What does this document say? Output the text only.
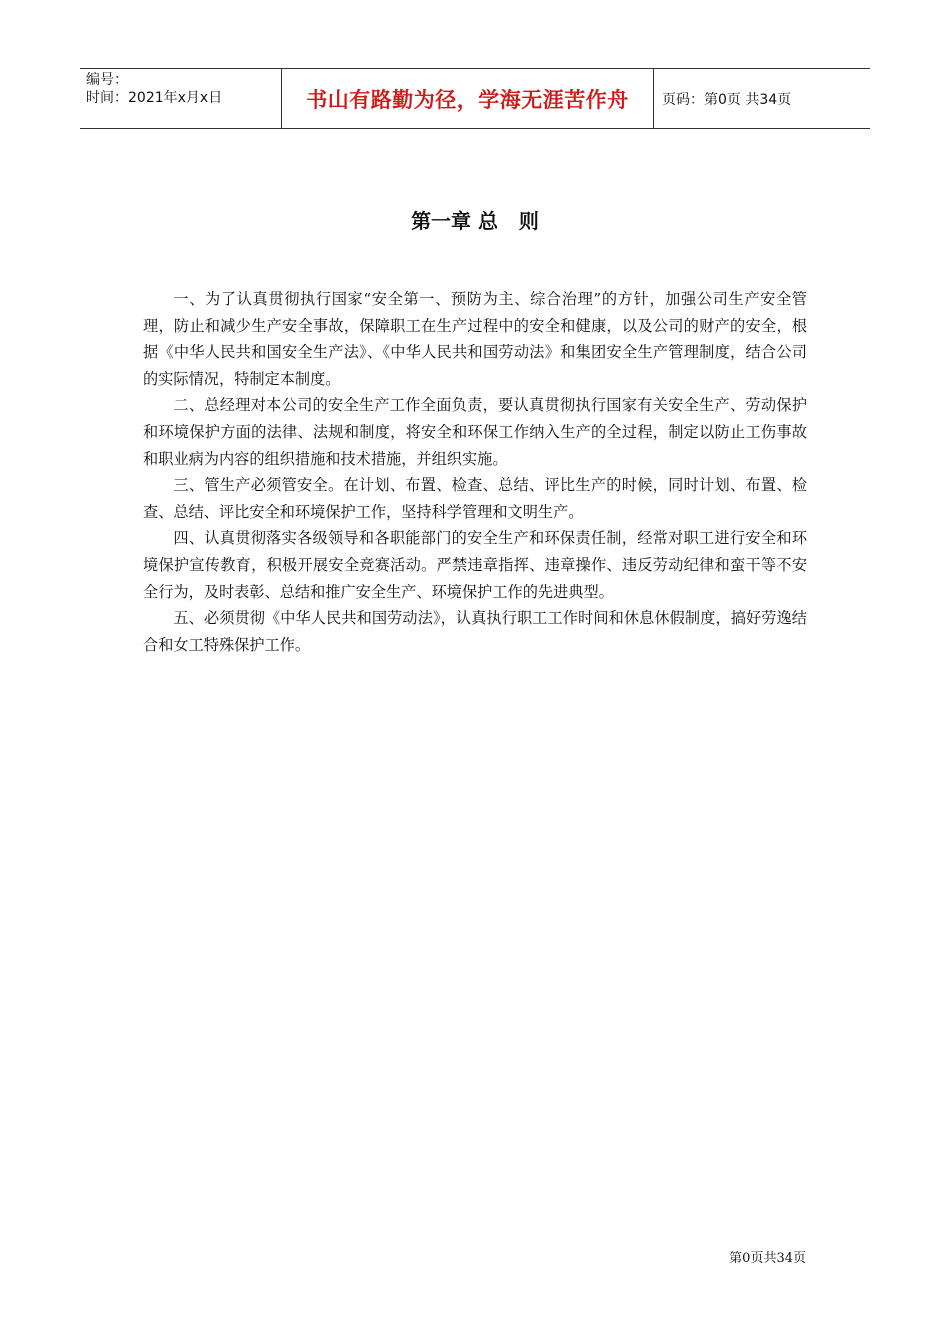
编号：
时间：2021年x月x日	书山有路勤为径，学海无涯苦作舟 页码：第0页 共34页
第一章 总   则

一、为了认真贯彻执行国家“安全第一、预防为主、综合治理”的方针，加强公司生产安全管理，防止和减少生产安全事故，保障职工在生产过程中的安全和健康，以及公司的财产的安全，根据《中华人民共和国安全生产法》、《中华人民共和国劳动法》和集团安全生产管理制度，结合公司的实际情况，特制定本制度。

二、总经理对本公司的安全生产工作全面负责，要认真贯彻执行国家有关安全生产、劳动保护和环境保护方面的法律、法规和制度，将安全和环保工作纳入生产的全过程，制定以防止工伤事故和职业病为内容的组织措施和技术措施，并组织实施。

三、管生产必须管安全。在计划、布置、检查、总结、评比生产的时候，同时计划、布置、检查、总结、评比安全和环境保护工作，坚持科学管理和文明生产。

四、认真贯彻落实各级领导和各职能部门的安全生产和环保责任制，经常对职工进行安全和环境保护宣传教育，积极开展安全竞赛活动。严禁违章指挥、违章操作、违反劳动纪律和蛮干等不安全行为，及时表彰、总结和推广安全生产、环境保护工作的先进典型。

五、必须贯彻《中华人民共和国劳动法》，认真执行职工工作时间和休息休假制度，搞好劳逸结合和女工特殊保护工作。

第0页共34页
